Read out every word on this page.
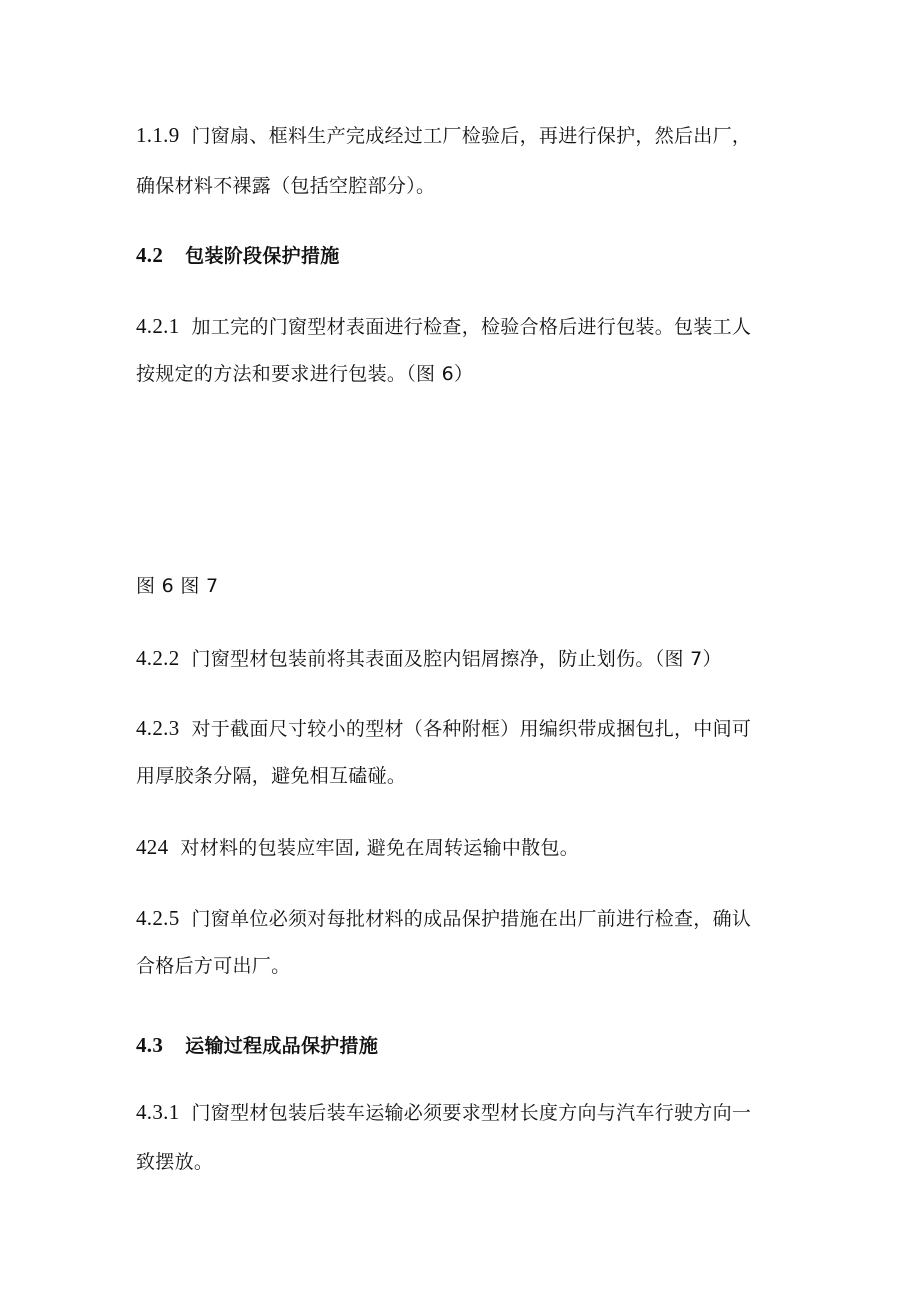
1.1.9 门窗扇、框料生产完成经过工厂检验后，再进行保护，然后出厂，

确保材料不裸露（包括空腔部分）。

4.2 包装阶段保护措施

4.2.1 加工完的门窗型材表面进行检查，检验合格后进行包装。包装工人

按规定的方法和要求进行包装。（图 6）

图 6 图 7

4.2.2 门窗型材包装前将其表面及腔内铝屑擦净，防止划伤。（图 7）

4.2.3 对于截面尺寸较小的型材（各种附框）用编织带成捆包扎，中间可

用厚胶条分隔，避免相互磕碰。

424 对材料的包装应牢固, 避免在周转运输中散包。

4.2.5 门窗单位必须对每批材料的成品保护措施在出厂前进行检查，确认

合格后方可出厂。

4.3 运输过程成品保护措施

4.3.1 门窗型材包装后装车运输必须要求型材长度方向与汽车行驶方向一

致摆放。
